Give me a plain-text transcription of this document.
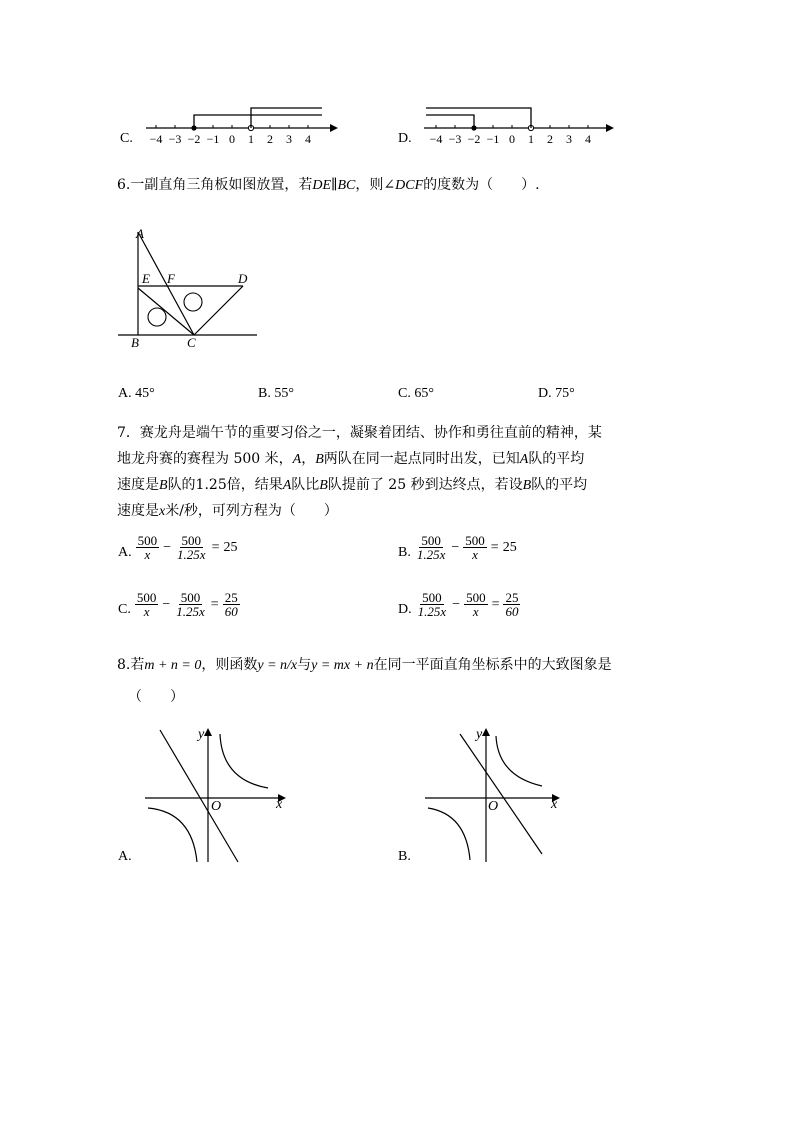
C. −4 −3 −2 −1 0 1 2 3 4	D. −4 −3 −2 −1 0 1 2 3 4
6.一副直角三角板如图放置，若DE∥BC，则∠DCF的度数为（　　）.
A
E F	D
B	C
A. 45°	B. 55°	C. 65°	D. 75°
7．赛龙舟是端午节的重要习俗之一，凝聚着团结、协作和勇往直前的精神，某
地龙舟赛的赛程为 500 米，A，B两队在同一起点同时出发，已知A队的平均
速度是B队的1.25倍，结果A队比B队提前了 25 秒到达终点，若设B队的平均
速度是x米/秒，可列方程为（　　）
A. $\frac{500}{x} - \frac{500}{1.25x} = 25$	B. $\frac{500}{1.25x} - \frac{500}{x} = 25$
C. $\frac{500}{x} - \frac{500}{1.25x} = \frac{25}{60}$	D. $\frac{500}{1.25x} - \frac{500}{x} = \frac{25}{60}$
8.若m + n = 0，则函数y = n/x与y = mx + n在同一平面直角坐标系中的大致图象是
（　　）
y
x
O
A.
y
x
O
B.
